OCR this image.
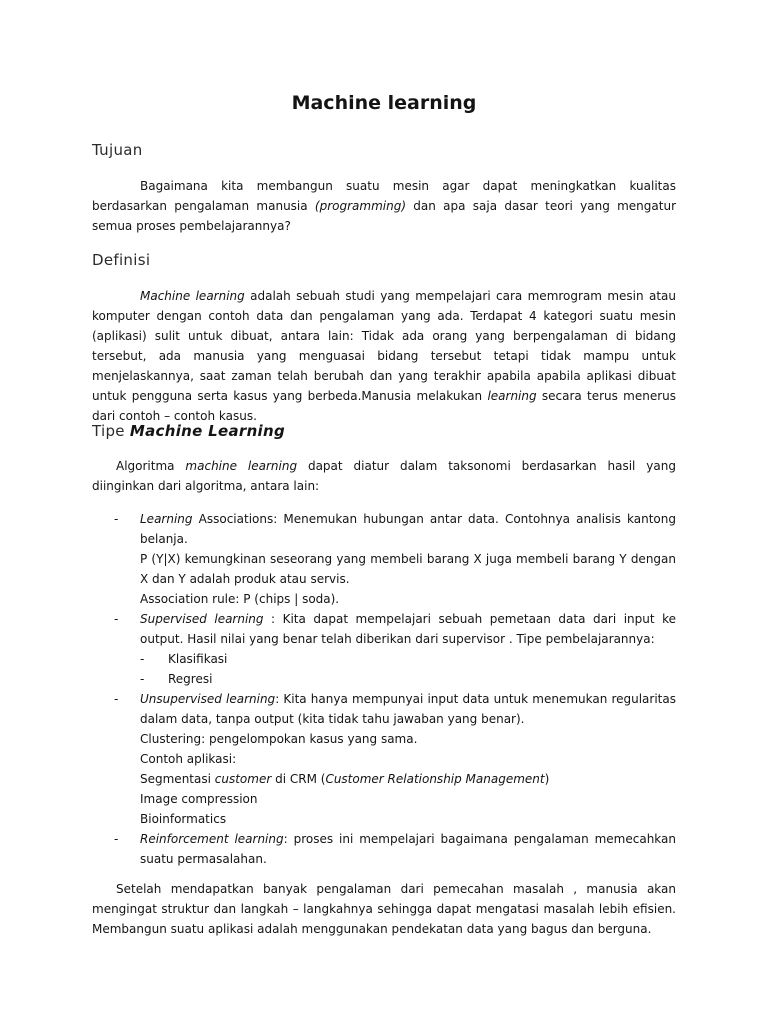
Machine learning
Tujuan

Bagaimana kita membangun suatu mesin agar dapat meningkatkan kualitas berdasarkan pengalaman manusia (programming) dan apa saja dasar teori yang mengatur semua proses pembelajarannya?

Definisi

Machine learning adalah sebuah studi yang mempelajari cara memrogram mesin atau komputer dengan contoh data dan pengalaman yang ada. Terdapat 4 kategori suatu mesin (aplikasi) sulit untuk dibuat, antara lain: Tidak ada orang yang berpengalaman di bidang tersebut, ada manusia yang menguasai bidang tersebut tetapi tidak mampu untuk menjelaskannya, saat zaman telah berubah dan yang terakhir apabila apabila aplikasi dibuat untuk pengguna serta kasus yang berbeda.Manusia melakukan learning secara terus menerus dari contoh – contoh kasus.

Tipe Machine Learning

Algoritma machine learning dapat diatur dalam taksonomi berdasarkan hasil yang diinginkan dari algoritma, antara lain:

- Learning Associations: Menemukan hubungan antar data. Contohnya analisis kantong belanja.
P (Y|X) kemungkinan seseorang yang membeli barang X juga membeli barang Y dengan X dan Y adalah produk atau servis.
Association rule: P (chips | soda).
- Supervised learning : Kita dapat mempelajari sebuah pemetaan data dari input ke output. Hasil nilai yang benar telah diberikan dari supervisor . Tipe pembelajarannya:
- Klasifikasi
- Regresi
- Unsupervised learning: Kita hanya mempunyai input data untuk menemukan regularitas dalam data, tanpa output (kita tidak tahu jawaban yang benar).
Clustering: pengelompokan kasus yang sama.
Contoh aplikasi:
Segmentasi customer di CRM (Customer Relationship Management)
Image compression
Bioinformatics
- Reinforcement learning: proses ini mempelajari bagaimana pengalaman memecahkan suatu permasalahan.

Setelah mendapatkan banyak pengalaman dari pemecahan masalah , manusia akan mengingat struktur dan langkah – langkahnya sehingga dapat mengatasi masalah lebih efisien. Membangun suatu aplikasi adalah menggunakan pendekatan data yang bagus dan berguna.
